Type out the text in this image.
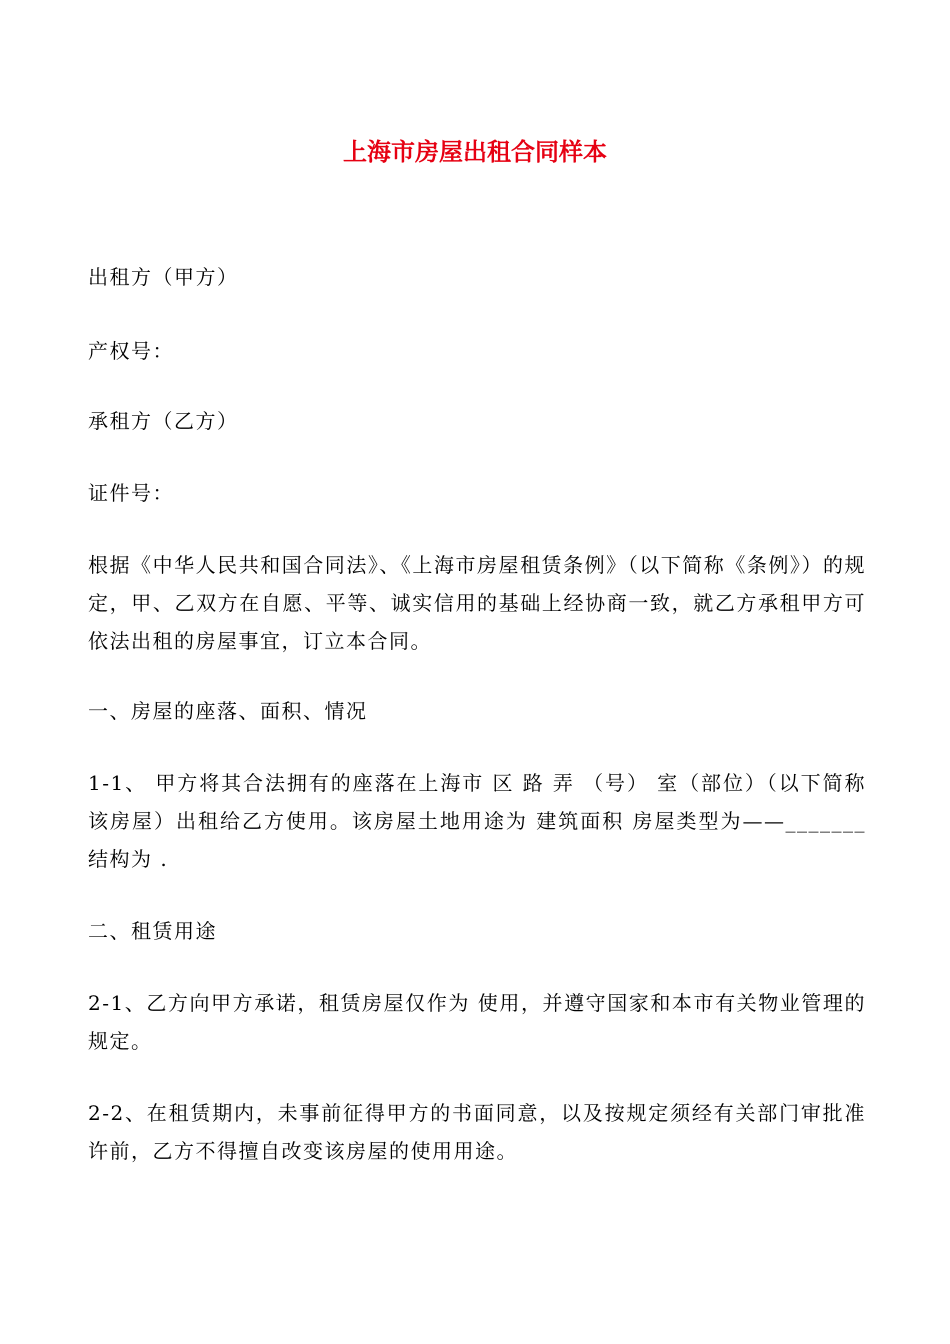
上海市房屋出租合同样本

出租方（甲方）

产权号：

承租方（乙方）

证件号：

根据《中华人民共和国合同法》、《上海市房屋租赁条例》（以下简称《条例》）的规定，甲、乙双方在自愿、平等、诚实信用的基础上经协商一致，就乙方承租甲方可依法出租的房屋事宜，订立本合同。

一、房屋的座落、面积、情况

1-1、 甲方将其合法拥有的座落在上海市 区 路 弄 （号） 室（部位）（以下简称该房屋）出租给乙方使用。该房屋土地用途为 建筑面积 房屋类型为——_______结构为 .

二、租赁用途

2-1、乙方向甲方承诺，租赁房屋仅作为 使用，并遵守国家和本市有关物业管理的规定。

2-2、在租赁期内，未事前征得甲方的书面同意，以及按规定须经有关部门审批准许前，乙方不得擅自改变该房屋的使用用途。
